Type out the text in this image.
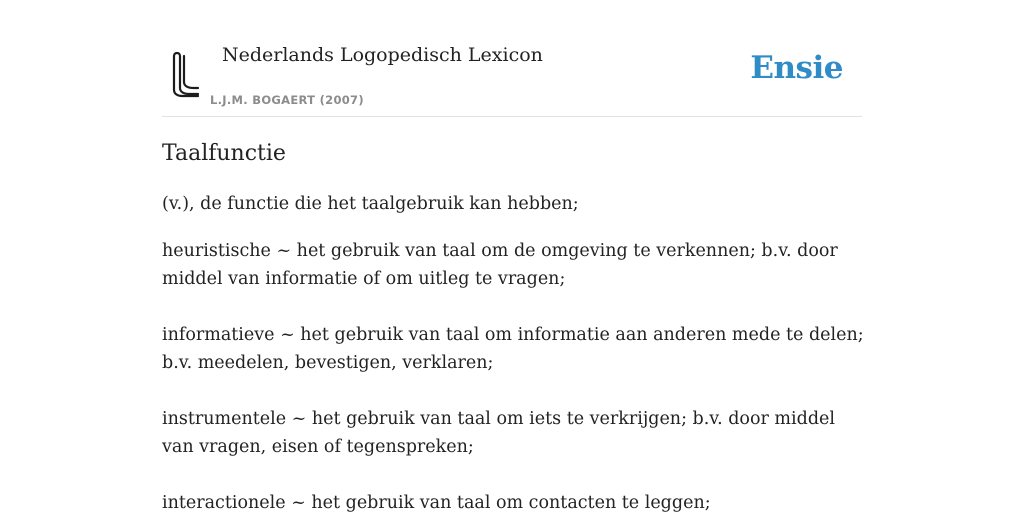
Nederlands Logopedisch Lexicon
L.J.M. BOGAERT (2007)
Ensie
Taalfunctie

(v.), de functie die het taalgebruik kan hebben;

heuristische ~ het gebruik van taal om de omgeving te verkennen; b.v. door middel van informatie of om uitleg te vragen;

informatieve ~ het gebruik van taal om informatie aan anderen mede te delen; b.v. meedelen, bevestigen, verklaren;

instrumentele ~ het gebruik van taal om iets te verkrijgen; b.v. door middel van vragen, eisen of tegenspreken;

interactionele ~ het gebruik van taal om contacten te leggen;
